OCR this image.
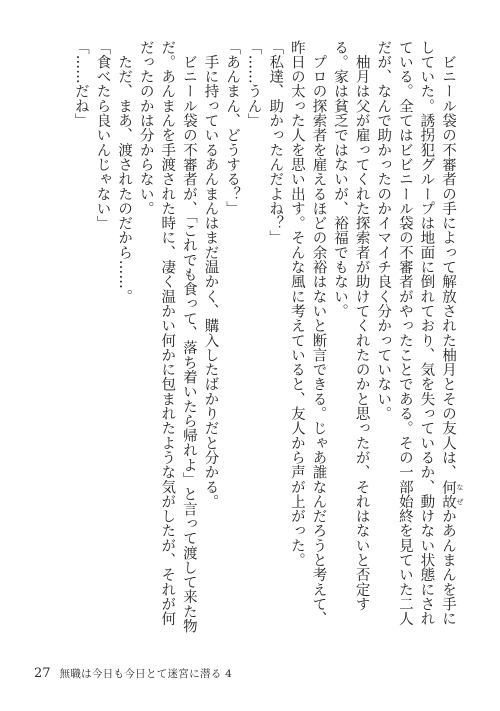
　ビニール袋の不審者の手によって解放された柚月とその友人は、何故 なぜかあんまんを手にしていた。誘拐犯グループは地面に倒れており、気を失っているか、動けない状態にされている。全てはビビニール袋の不審者がやったことである。その一部始終を見ていた二人だが、なんで助かったのかイマイチ良く分かっていない。

　柚月は父が雇ってくれた探索者が助けてくれたのかと思ったが、それはないと否定する。家は貧乏ではないが、裕福でもない。

　プロの探索者を雇えるほどの余裕はないと断言できる。じゃあ誰なんだろうと考えて、昨日の太った人を思い出す。そんな風に考えていると、友人から声が上がった。

「私達、助かったんだよね？」

「……うん」

「あんまん、どうする？」

　手に持っているあんまんはまだ温かく、購入したばかりだと分かる。

　ビニール袋の不審者が、「これでも食って、落ち着いたら帰れよ」と言って渡して来た物だ。あんまんを手渡された時に、凄く温かい何かに包まれたような気がしたが、それが何だったのかは分からない。

　ただ、まあ、渡されたのだから……。

「食べたら良いんじゃない」

「……だね」

27 無職は今日も今日とて迷宮に潜る 4
